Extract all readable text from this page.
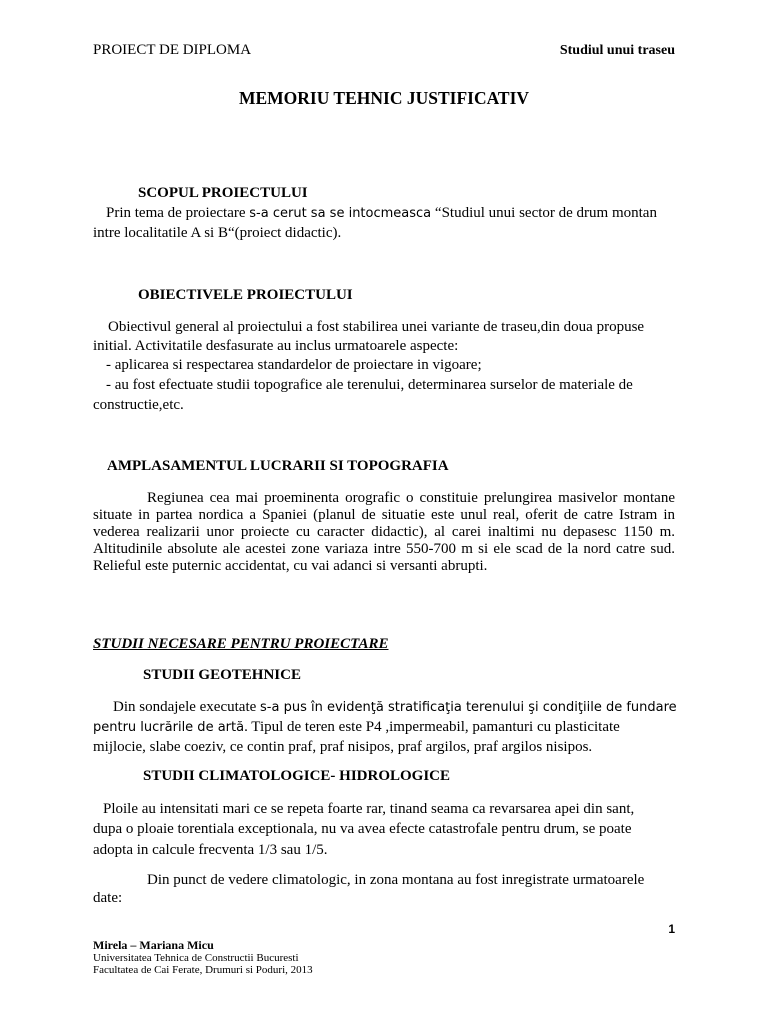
PROIECT DE DIPLOMA	Studiul unui traseu
MEMORIU TEHNIC JUSTIFICATIV
SCOPUL PROIECTULUI
Prin tema de proiectare s-a cerut sa se intocmeasca “Studiul unui sector de drum montan
intre localitatile A si B“(proiect didactic).
OBIECTIVELE PROIECTULUI
Obiectivul general al proiectului a fost stabilirea unei variante de traseu,din doua propuse
initial. Activitatile desfasurate au inclus urmatoarele aspecte:
- aplicarea si respectarea standardelor de proiectare in vigoare;
- au fost efectuate studii topografice ale terenului, determinarea surselor de materiale de
constructie,etc.
AMPLASAMENTUL LUCRARII SI TOPOGRAFIA
Regiunea cea mai proeminenta orografic o constituie prelungirea masivelor montane
situate in partea nordica a Spaniei (planul de situatie este unul real, oferit de catre Istram in
vederea realizarii unor proiecte cu caracter didactic), al carei inaltimi nu depasesc 1150 m.
Altitudinile absolute ale acestei zone variaza intre 550-700 m si ele scad de la nord catre sud.
Relieful este puternic accidentat, cu vai adanci si versanti abrupti.
STUDII NECESARE PENTRU PROIECTARE
STUDII GEOTEHNICE
Din sondajele executate s-a pus în evidenţă stratificaţia terenului şi condiţiile de fundare
pentru lucrările de artă. Tipul de teren este P4 ,impermeabil, pamanturi cu plasticitate
mijlocie, slabe coeziv, ce contin praf, praf nisipos, praf argilos, praf argilos nisipos.
STUDII CLIMATOLOGICE- HIDROLOGICE
Ploile au intensitati mari ce se repeta foarte rar, tinand seama ca revarsarea apei din sant,
dupa o ploaie torentiala exceptionala, nu va avea efecte catastrofale pentru drum, se poate
adopta in calcule frecventa 1/3 sau 1/5.
Din punct de vedere climatologic, in zona montana au fost inregistrate urmatoarele
date:
1
Mirela – Mariana Micu
Universitatea Tehnica de Constructii Bucuresti
Facultatea de Cai Ferate, Drumuri si Poduri, 2013
